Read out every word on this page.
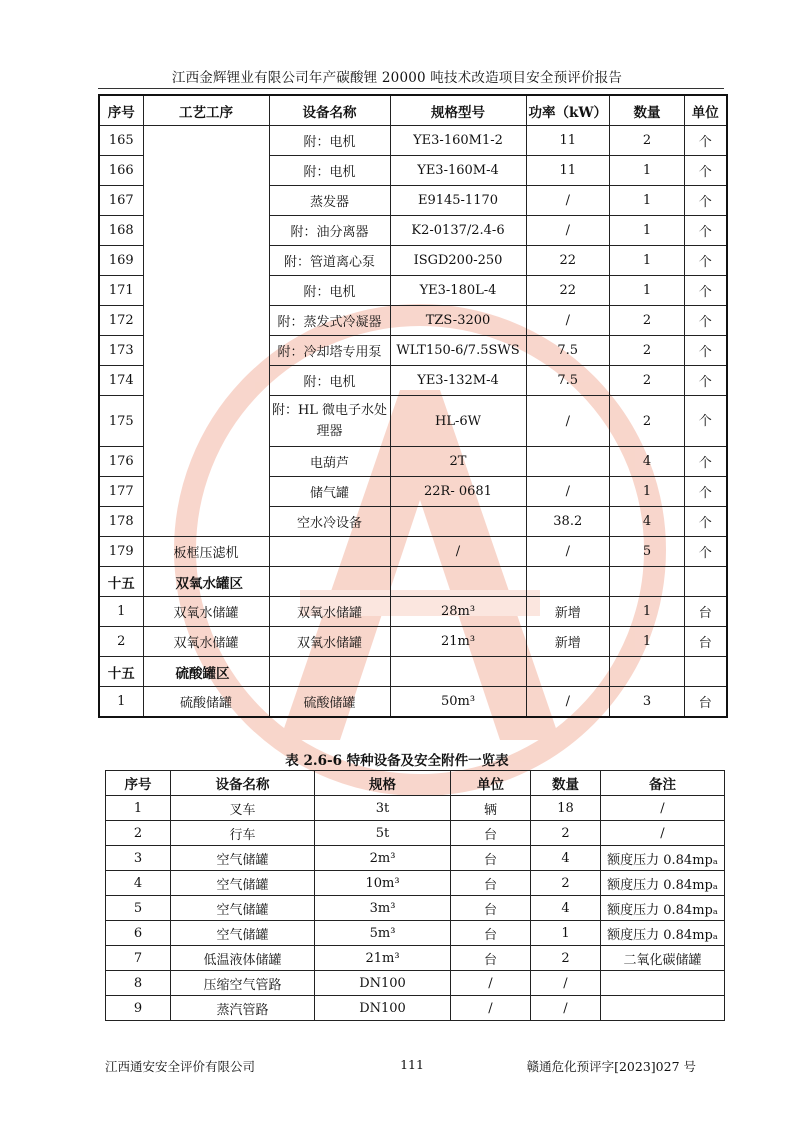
江西金辉锂业有限公司年产碳酸锂 20000 吨技术改造项目安全预评价报告
序号	工艺工序	设备名称	规格型号	功率（kW）	数量	单位
165		附：电机	YE3-160M1-2	11	2	个
166		附：电机	YE3-160M-4	11	1	个
167		蒸发器	E9145-1170	/	1	个
168		附：油分离器	K2-0137/2.4-6	/	1	个
169		附：管道离心泵	ISGD200-250	22	1	个
171		附：电机	YE3-180L-4	22	1	个
172		附：蒸发式冷凝器	TZS-3200	/	2	个
173		附：冷却塔专用泵	WLT150-6/7.5SWS	7.5	2	个
174		附：电机	YE3-132M-4	7.5	2	个
175		附：HL 微电子水处理器	HL-6W	/	2	个
176		电葫芦	2T		4	个
177		储气罐	22R- 0681	/	1	个
178		空水冷设备		38.2	4	个
179	板框压滤机		/	/	5	个
十五	双氧水罐区					
1	双氧水储罐	双氧水储罐	28m³	新增	1	台
2	双氧水储罐	双氧水储罐	21m³	新增	1	台
十五	硫酸罐区					
1	硫酸储罐	硫酸储罐	50m³	/	3	台
表 2.6-6 特种设备及安全附件一览表
序号	设备名称	规格	单位	数量	备注
1	叉车	3t	辆	18	/
2	行车	5t	台	2	/
3	空气储罐	2m³	台	4	额度压力 0.84mpₐ
4	空气储罐	10m³	台	2	额度压力 0.84mpₐ
5	空气储罐	3m³	台	4	额度压力 0.84mpₐ
6	空气储罐	5m³	台	1	额度压力 0.84mpₐ
7	低温液体储罐	21m³	台	2	二氧化碳储罐
8	压缩空气管路	DN100	/	/	
9	蒸汽管路	DN100	/	/	
江西通安安全评价有限公司	111	赣通危化预评字[2023]027 号
